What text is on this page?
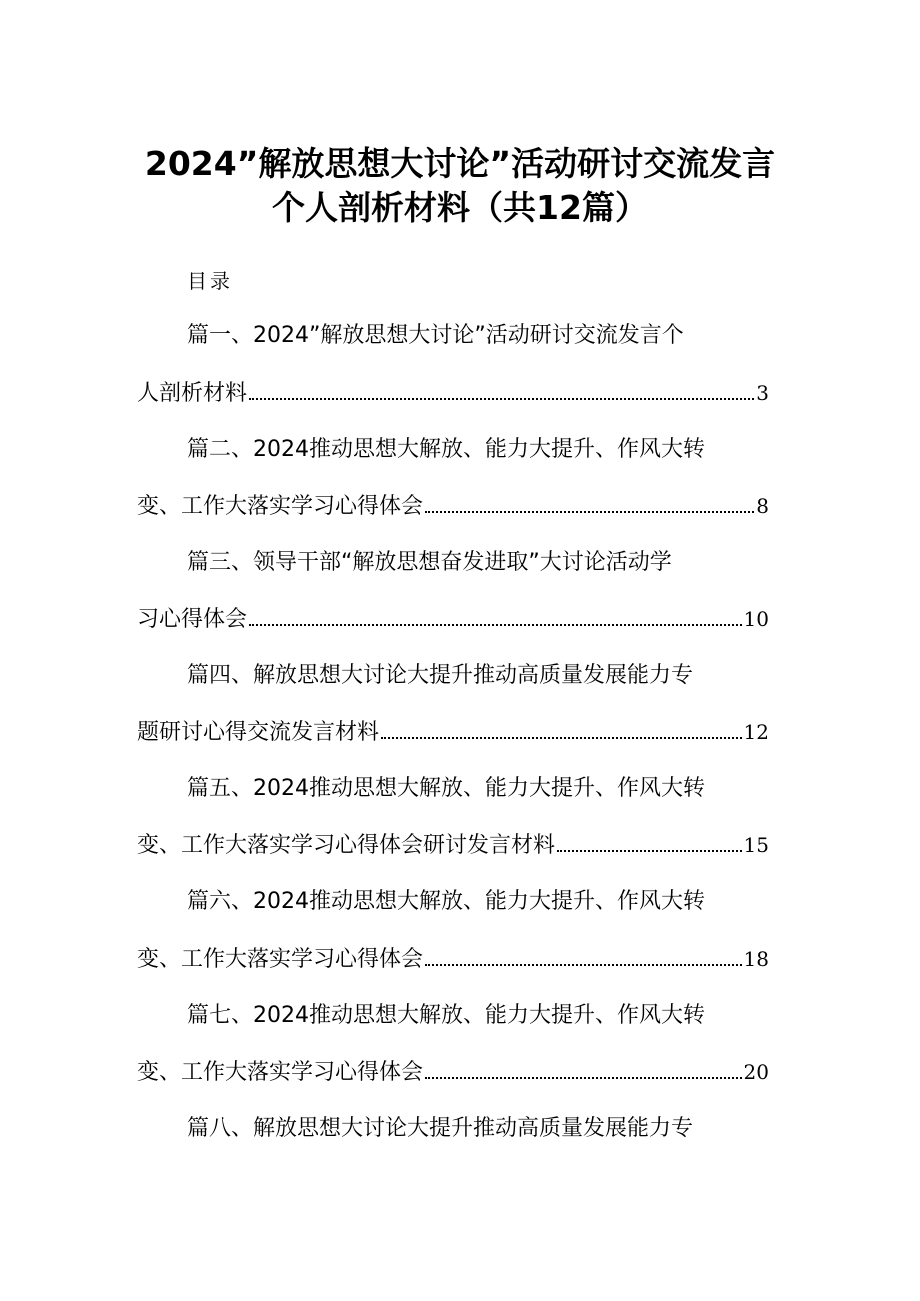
2024”解放思想大讨论”活动研讨交流发言
个人剖析材料（共12篇）
目录
篇一、2024”解放思想大讨论”活动研讨交流发言个
人剖析材料	3
篇二、2024推动思想大解放、能力大提升、作风大转
变、工作大落实学习心得体会	8
篇三、领导干部“解放思想奋发进取”大讨论活动学
习心得体会	10
篇四、解放思想大讨论大提升推动高质量发展能力专
题研讨心得交流发言材料	12
篇五、2024推动思想大解放、能力大提升、作风大转
变、工作大落实学习心得体会研讨发言材料	15
篇六、2024推动思想大解放、能力大提升、作风大转
变、工作大落实学习心得体会	18
篇七、2024推动思想大解放、能力大提升、作风大转
变、工作大落实学习心得体会	20
篇八、解放思想大讨论大提升推动高质量发展能力专
